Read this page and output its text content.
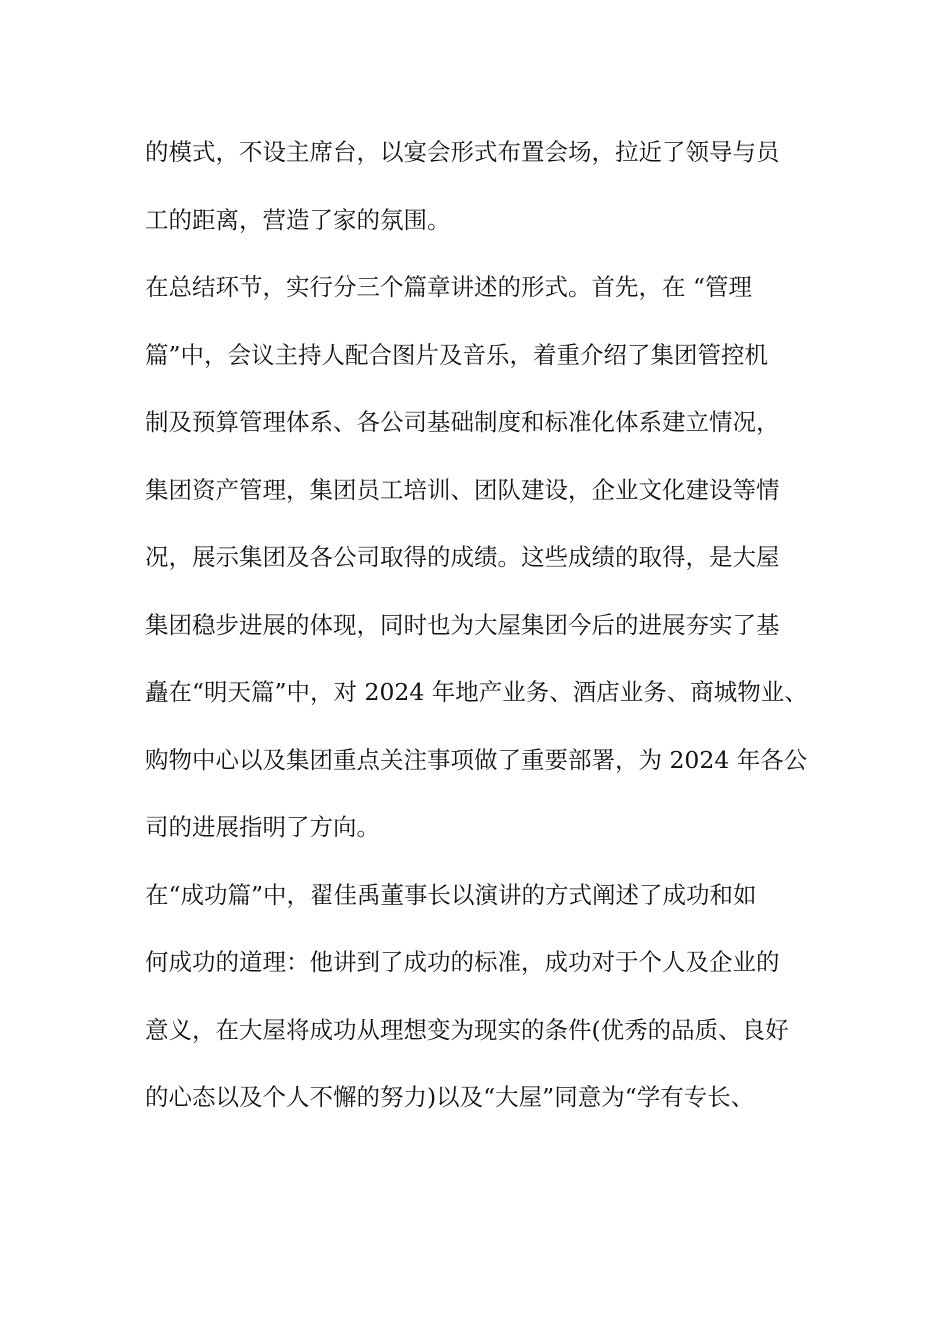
的模式，不设主席台，以宴会形式布置会场，拉近了领导与员
工的距离，营造了家的氛围。
在总结环节，实行分三个篇章讲述的形式。首先，在 “管理
篇”中，会议主持人配合图片及音乐，着重介绍了集团管控机
制及预算管理体系、各公司基础制度和标准化体系建立情况，
集团资产管理，集团员工培训、团队建设，企业文化建设等情
况，展示集团及各公司取得的成绩。这些成绩的取得，是大屋
集团稳步进展的体现，同时也为大屋集团今后的进展夯实了基
矗在“明天篇”中，对 2024 年地产业务、酒店业务、商城物业、
购物中心以及集团重点关注事项做了重要部署，为 2024 年各公
司的进展指明了方向。
在“成功篇”中，翟佳禹董事长以演讲的方式阐述了成功和如
何成功的道理：他讲到了成功的标准，成功对于个人及企业的
意义，在大屋将成功从理想变为现实的条件(优秀的品质、良好
的心态以及个人不懈的努力)以及“大屋”同意为“学有专长、
